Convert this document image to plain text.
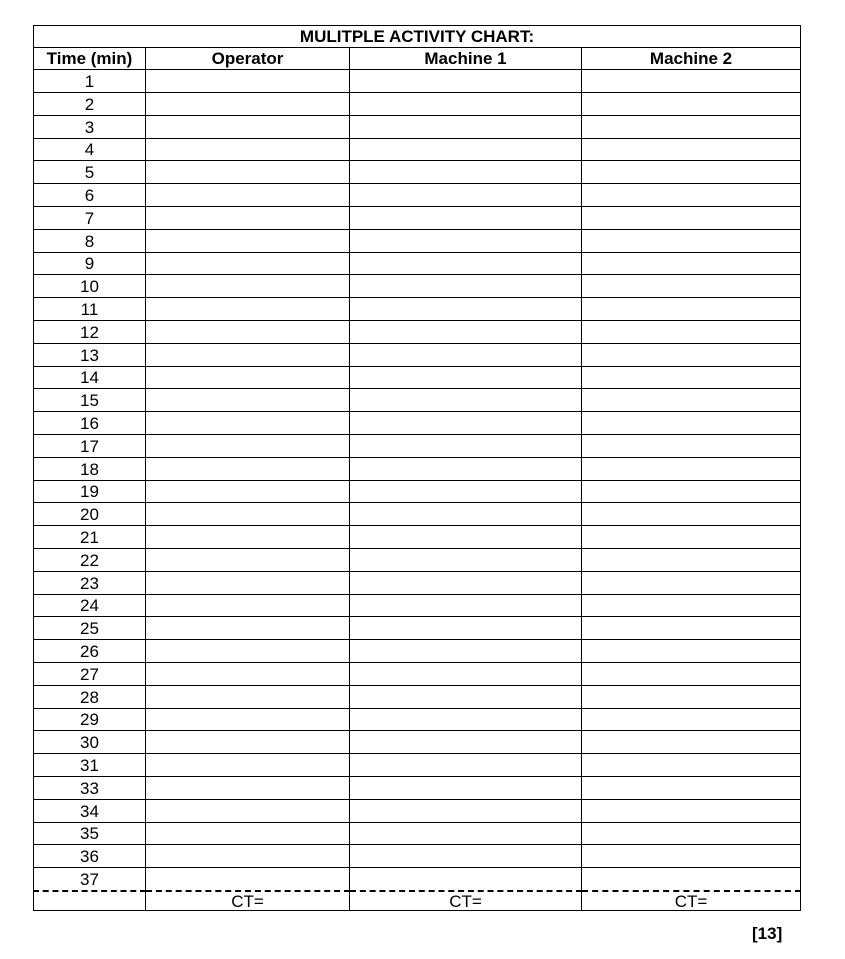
MULITPLE ACTIVITY CHART:			
Time (min)	Operator	Machine 1	Machine 2
1			
2			
3			
4			
5			
6			
7			
8			
9			
10			
11			
12			
13			
14			
15			
16			
17			
18			
19			
20			
21			
22			
23			
24			
25			
26			
27			
28			
29			
30			
31			
33			
34			
35			
36			
37			
	CT=	CT=	CT=
[13]
